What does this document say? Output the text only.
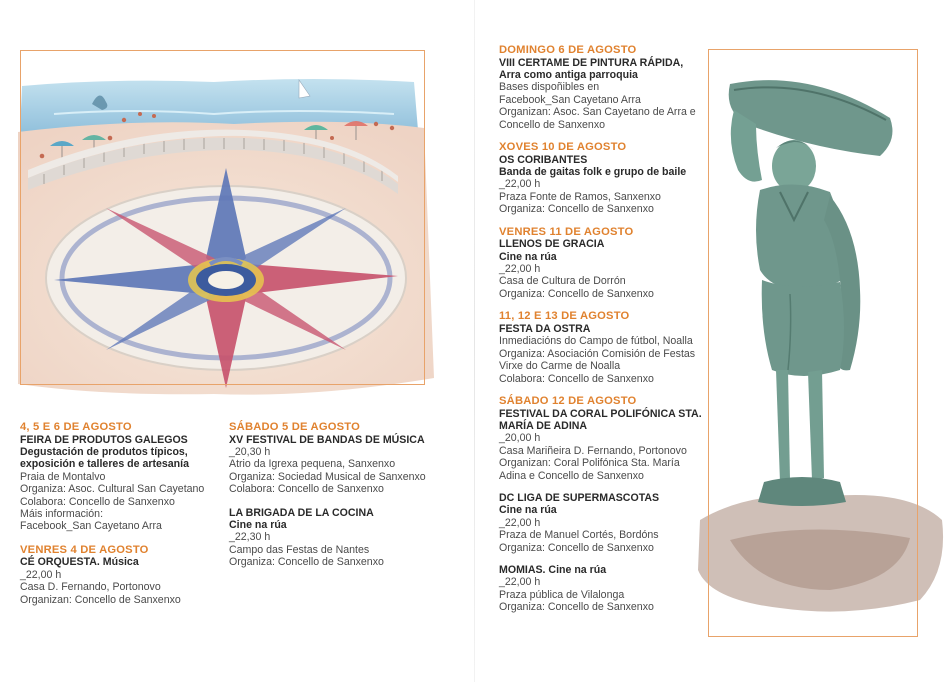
4, 5 E 6 DE AGOSTO
FEIRA DE PRODUTOS GALEGOS
Degustación de produtos típicos, exposición e talleres de artesanía
Praia de Montalvo
Organiza: Asoc. Cultural San Cayetano
Colabora: Concello de Sanxenxo
Máis información:
Facebook_San Cayetano Arra
VENRES 4 DE AGOSTO
CÉ ORQUESTA. Música
_22,00 h
Casa D. Fernando, Portonovo
Organizan: Concello de Sanxenxo
SÁBADO 5 DE AGOSTO
XV FESTIVAL DE BANDAS DE MÚSICA
_20,30 h
Atrio da Igrexa pequena, Sanxenxo
Organiza: Sociedad Musical de Sanxenxo
Colabora: Concello de Sanxenxo
LA BRIGADA DE LA COCINA
Cine na rúa
_22,30 h
Campo das Festas de Nantes
Organiza: Concello de Sanxenxo
DOMINGO 6 DE AGOSTO
VIII CERTAME DE PINTURA RÁPIDA, Arra como antiga parroquia
Bases dispoñibles en
Facebook_San Cayetano Arra
Organizan: Asoc. San Cayetano de Arra e Concello de Sanxenxo
XOVES 10 DE AGOSTO
OS CORIBANTES
Banda de gaitas folk e grupo de baile
_22,00 h
Praza Fonte de Ramos, Sanxenxo
Organiza: Concello de Sanxenxo
VENRES 11 DE AGOSTO
LLENOS DE GRACIA
Cine na rúa
_22,00 h
Casa de Cultura de Dorrón
Organiza: Concello de Sanxenxo
11, 12 E 13 DE AGOSTO
FESTA DA OSTRA
Inmediacións do Campo de fútbol, Noalla
Organiza: Asociación Comisión de Festas Virxe do Carme de Noalla
Colabora: Concello de Sanxenxo
SÁBADO 12 DE AGOSTO
FESTIVAL DA CORAL POLIFÓNICA STA. MARÍA DE ADINA
_20,00 h
Casa Mariñeira D. Fernando, Portonovo
Organizan: Coral Polifónica Sta. María Adina e Concello de Sanxenxo
DC LIGA DE SUPERMASCOTAS
Cine na rúa
_22,00 h
Praza de Manuel Cortés, Bordóns
Organiza: Concello de Sanxenxo
MOMIAS. Cine na rúa
_22,00 h
Praza pública de Vilalonga
Organiza: Concello de Sanxenxo
